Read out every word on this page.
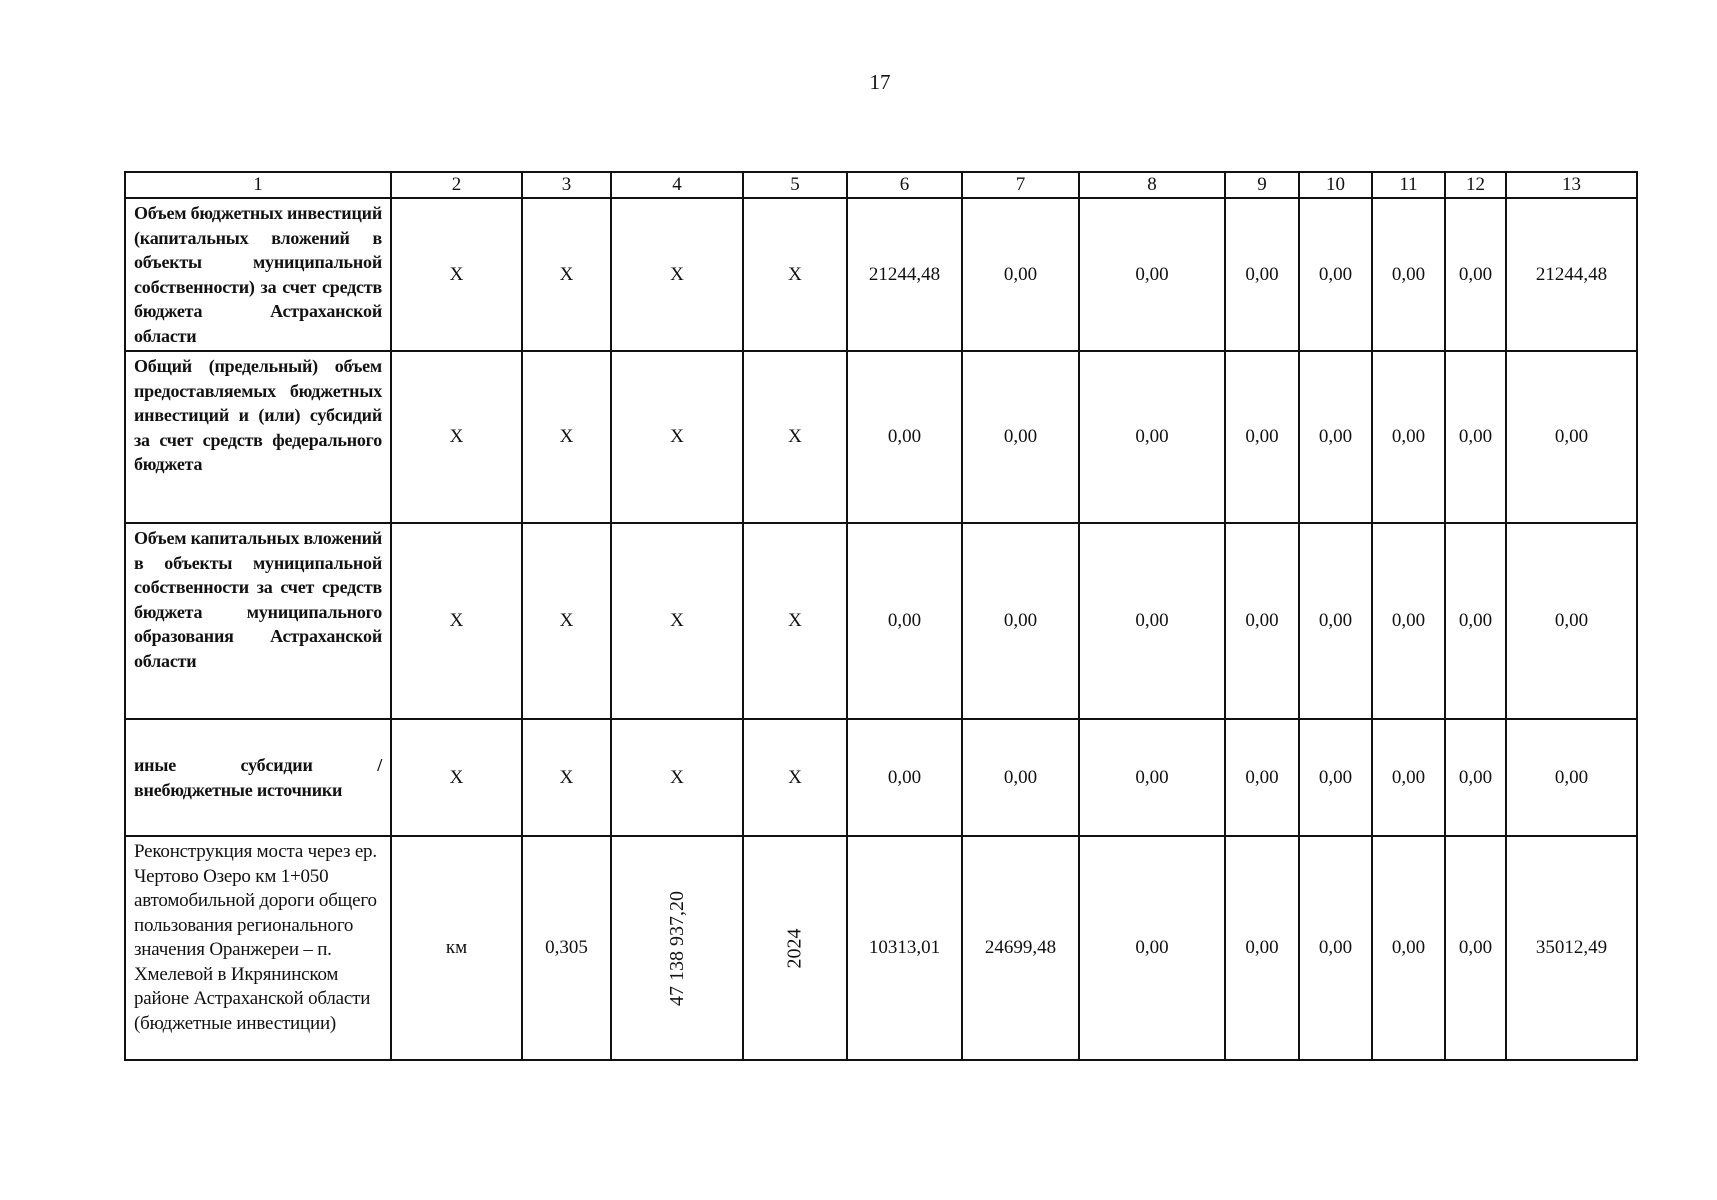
17
1	2	3	4	5	6	7	8	9	10	11	12	13
Объем бюджетных инвестиций (капитальных вложений в объекты муниципальной собственности) за счет средств бюджета Астраханской области	X	X	X	X	21244,48	0,00	0,00	0,00	0,00	0,00	0,00	21244,48
Общий (предельный) объем предоставляемых бюджетных инвестиций и (или) субсидий за счет средств федерального бюджета	X	X	X	X	0,00	0,00	0,00	0,00	0,00	0,00	0,00	0,00
Объем капитальных вложений в объекты муниципальной собственности за счет средств бюджета муниципального образования Астраханской области	X	X	X	X	0,00	0,00	0,00	0,00	0,00	0,00	0,00	0,00
иные субсидии / внебюджетные источники	X	X	X	X	0,00	0,00	0,00	0,00	0,00	0,00	0,00	0,00
Реконструкция моста через ер. Чертово Озеро км 1+050 автомобильной дороги общего пользования регионального значения Оранжереи – п. Хмелевой в Икрянинском районе Астраханской области (бюджетные инвестиции)	км	0,305	47 138 937,20	2024	10313,01	24699,48	0,00	0,00	0,00	0,00	0,00	35012,49
